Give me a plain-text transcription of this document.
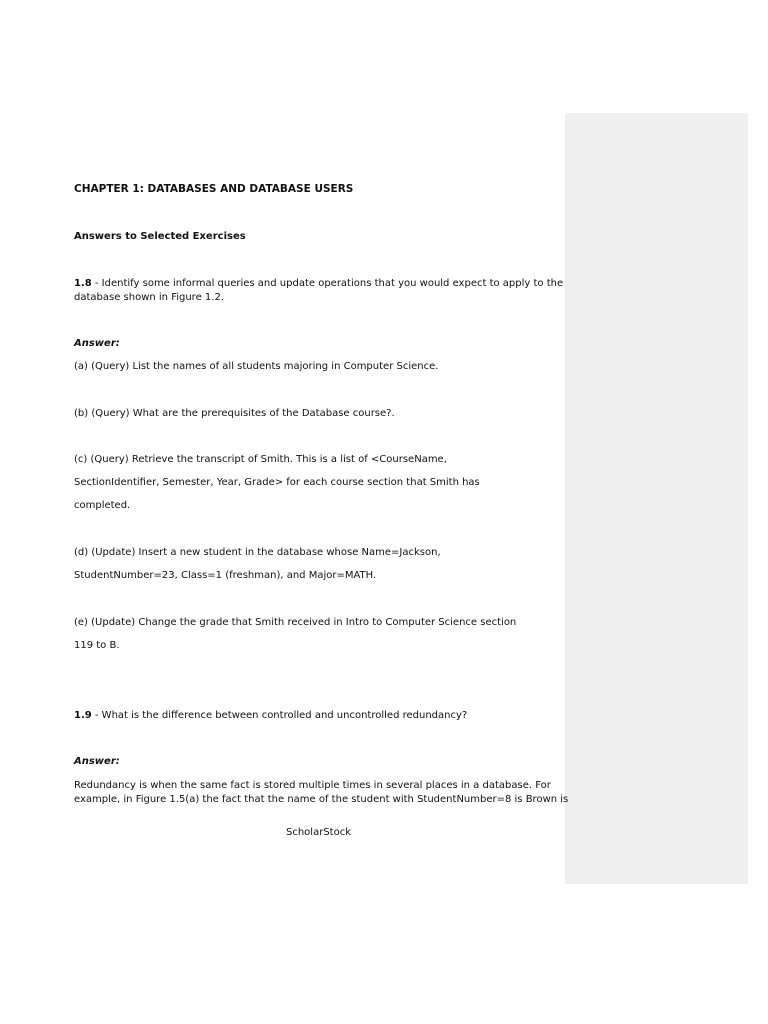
CHAPTER 1: DATABASES AND DATABASE USERS
Answers to Selected Exercises
1.8 - Identify some informal queries and update operations that you would expect to apply to the
database shown in Figure 1.2.
Answer:
(a) (Query) List the names of all students majoring in Computer Science.
(b) (Query) What are the prerequisites of the Database course?.
(c) (Query) Retrieve the transcript of Smith. This is a list of <CourseName,
SectionIdentifier, Semester, Year, Grade> for each course section that Smith has
completed.
(d) (Update) Insert a new student in the database whose Name=Jackson,
StudentNumber=23, Class=1 (freshman), and Major=MATH.
(e) (Update) Change the grade that Smith received in Intro to Computer Science section
119 to B.
1.9 - What is the difference between controlled and uncontrolled redundancy?
Answer:
Redundancy is when the same fact is stored multiple times in several places in a database. For
example, in Figure 1.5(a) the fact that the name of the student with StudentNumber=8 is Brown is
ScholarStock
